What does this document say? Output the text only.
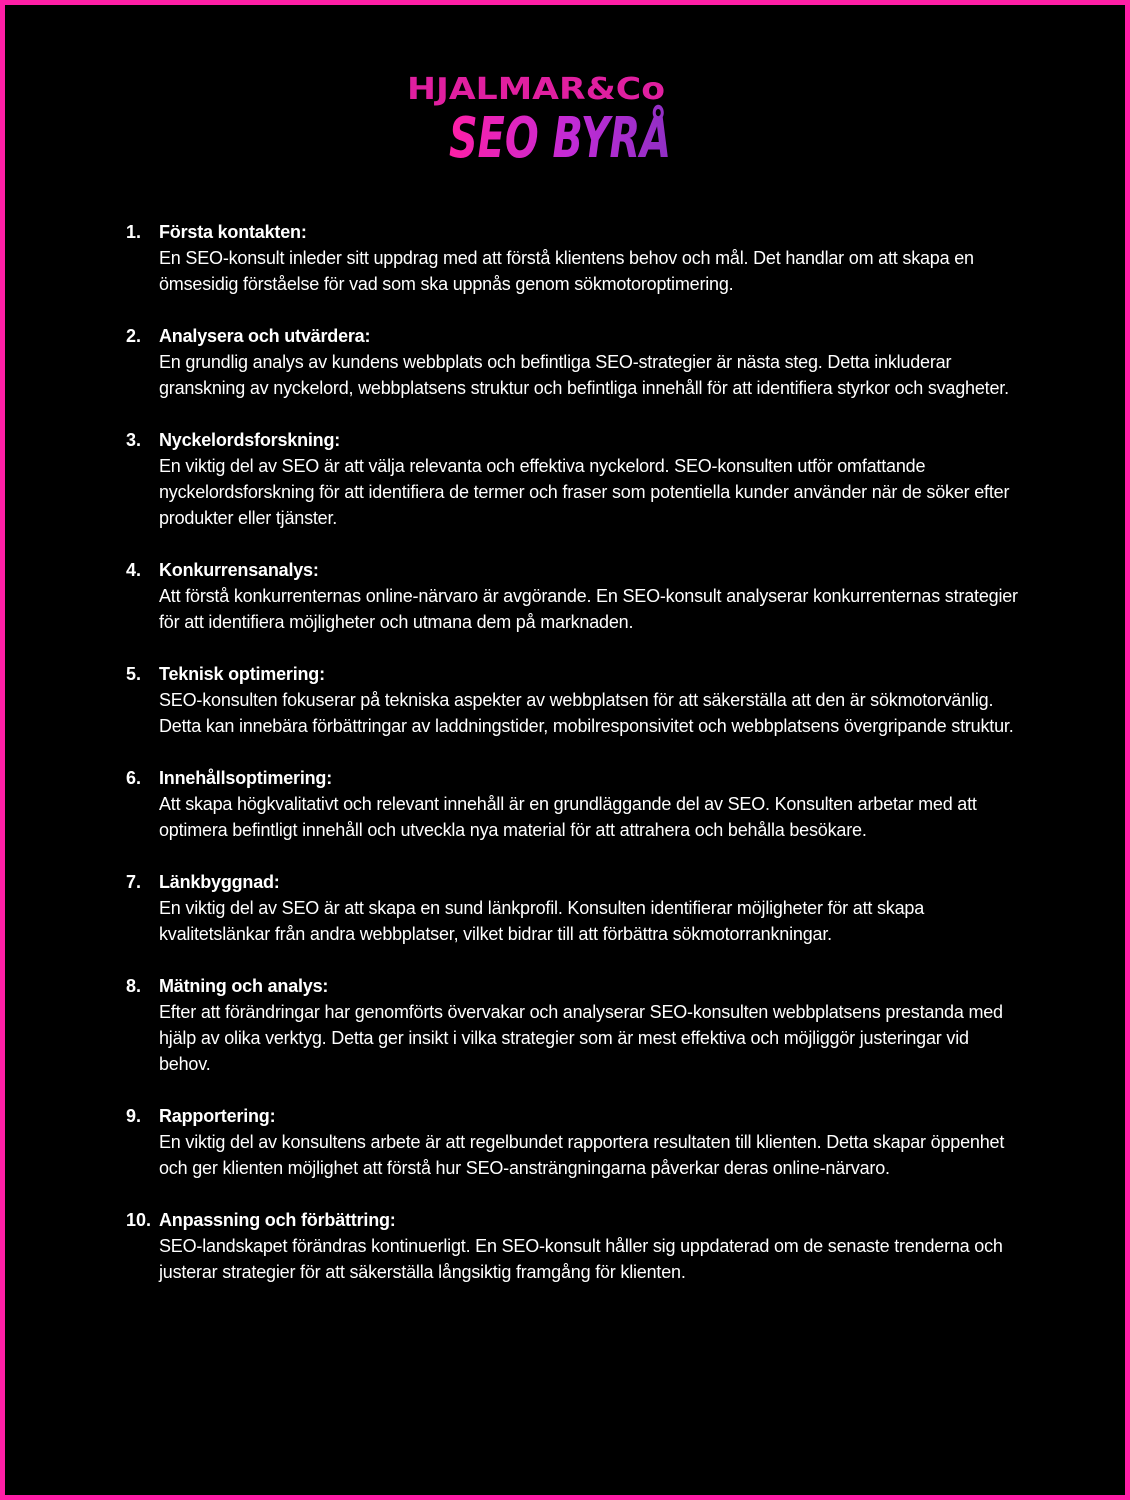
HJALMAR&Co
SEO BYRÅ
1. Första kontakten:
En SEO-konsult inleder sitt uppdrag med att förstå klientens behov och mål. Det handlar om att skapa en ömsesidig förståelse för vad som ska uppnås genom sökmotoroptimering.
2. Analysera och utvärdera:
En grundlig analys av kundens webbplats och befintliga SEO-strategier är nästa steg. Detta inkluderar granskning av nyckelord, webbplatsens struktur och befintliga innehåll för att identifiera styrkor och svagheter.
3. Nyckelordsforskning:
En viktig del av SEO är att välja relevanta och effektiva nyckelord. SEO-konsulten utför omfattande nyckelordsforskning för att identifiera de termer och fraser som potentiella kunder använder när de söker efter produkter eller tjänster.
4. Konkurrensanalys:
Att förstå konkurrenternas online-närvaro är avgörande. En SEO-konsult analyserar konkurrenternas strategier för att identifiera möjligheter och utmana dem på marknaden.
5. Teknisk optimering:
SEO-konsulten fokuserar på tekniska aspekter av webbplatsen för att säkerställa att den är sökmotorvänlig. Detta kan innebära förbättringar av laddningstider, mobilresponsivitet och webbplatsens övergripande struktur.
6. Innehållsoptimering:
Att skapa högkvalitativt och relevant innehåll är en grundläggande del av SEO. Konsulten arbetar med att optimera befintligt innehåll och utveckla nya material för att attrahera och behålla besökare.
7. Länkbyggnad:
En viktig del av SEO är att skapa en sund länkprofil. Konsulten identifierar möjligheter för att skapa kvalitetslänkar från andra webbplatser, vilket bidrar till att förbättra sökmotorrankningar.
8. Mätning och analys:
Efter att förändringar har genomförts övervakar och analyserar SEO-konsulten webbplatsens prestanda med hjälp av olika verktyg. Detta ger insikt i vilka strategier som är mest effektiva och möjliggör justeringar vid behov.
9. Rapportering:
En viktig del av konsultens arbete är att regelbundet rapportera resultaten till klienten. Detta skapar öppenhet och ger klienten möjlighet att förstå hur SEO-ansträngningarna påverkar deras online-närvaro.
10. Anpassning och förbättring:
SEO-landskapet förändras kontinuerligt. En SEO-konsult håller sig uppdaterad om de senaste trenderna och justerar strategier för att säkerställa långsiktig framgång för klienten.
